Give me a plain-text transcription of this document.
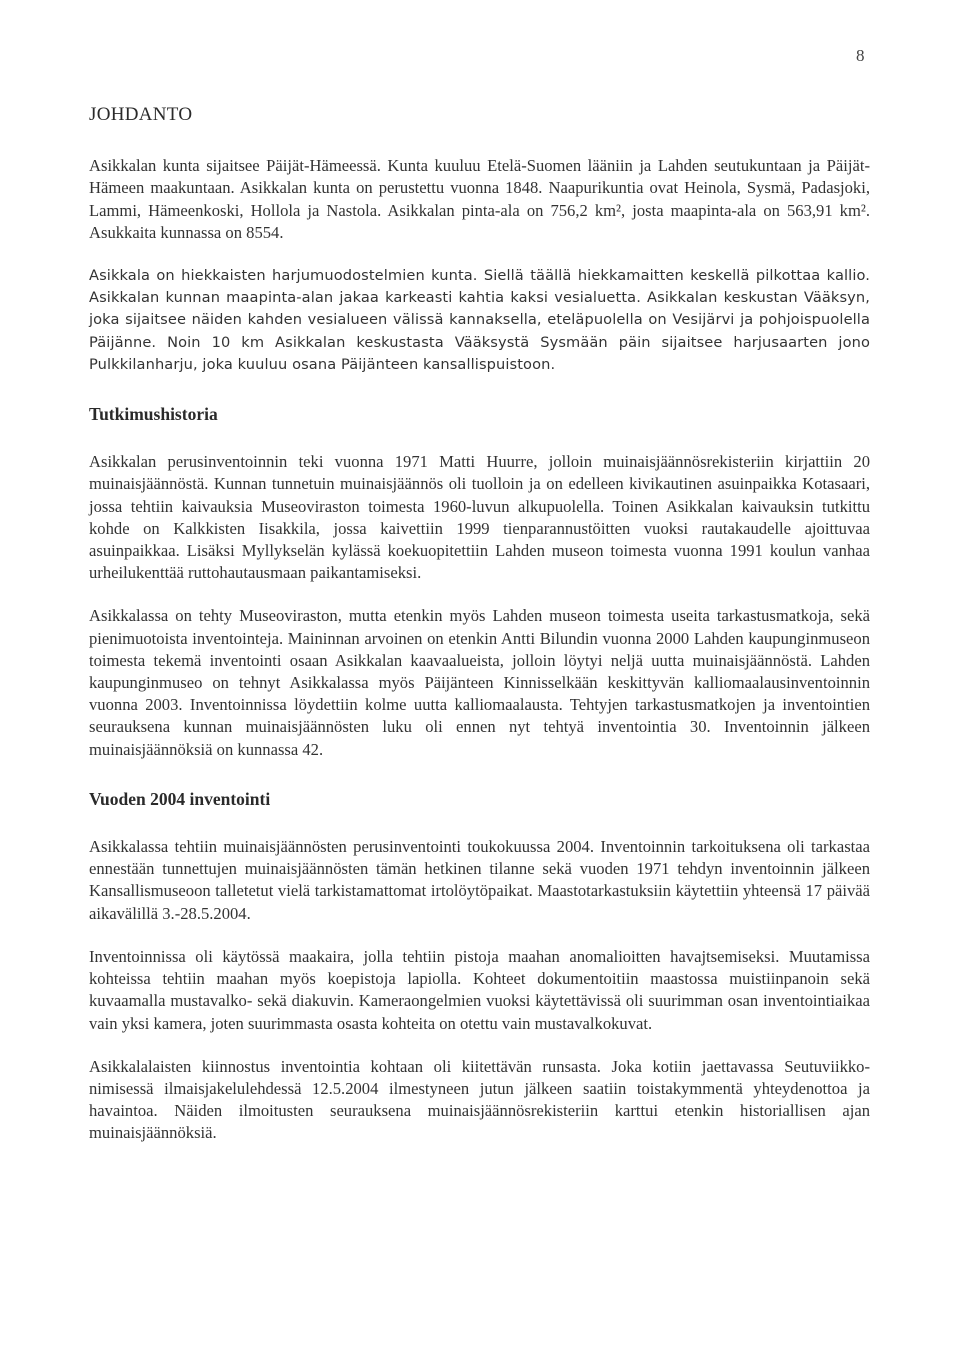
8
JOHDANTO

Asikkalan kunta sijaitsee Päijät-Hämeessä. Kunta kuuluu Etelä-Suomen lääniin ja Lahden seutukuntaan ja Päijät-Hämeen maakuntaan. Asikkalan kunta on perustettu vuonna 1848. Naapurikuntia ovat Heinola, Sysmä, Padasjoki, Lammi, Hämeenkoski, Hollola ja Nastola. Asikkalan pinta-ala on 756,2 km², josta maapinta-ala on 563,91 km². Asukkaita kunnassa on 8554.

Asikkala on hiekkaisten harjumuodostelmien kunta. Siellä täällä hiekkamaitten keskellä pilkottaa kallio. Asikkalan kunnan maapinta-alan jakaa karkeasti kahtia kaksi vesialuetta. Asikkalan keskustan Vääksyn, joka sijaitsee näiden kahden vesialueen välissä kannaksella, eteläpuolella on Vesijärvi ja pohjoispuolella Päijänne. Noin 10 km Asikkalan keskustasta Vääksystä Sysmään päin sijaitsee harjusaarten jono Pulkkilanharju, joka kuuluu osana Päijänteen kansallispuistoon.

Tutkimushistoria

Asikkalan perusinventoinnin teki vuonna 1971 Matti Huurre, jolloin muinaisjäännösrekisteriin kirjattiin 20 muinaisjäännöstä. Kunnan tunnetuin muinaisjäännös oli tuolloin ja on edelleen kivikautinen asuinpaikka Kotasaari, jossa tehtiin kaivauksia Museoviraston toimesta 1960-luvun alkupuolella. Toinen Asikkalan kaivauksin tutkittu kohde on Kalkkisten Iisakkila, jossa kaivettiin 1999 tienparannustöitten vuoksi rautakaudelle ajoittuvaa asuinpaikkaa. Lisäksi Myllykselän kylässä koekuopitettiin Lahden museon toimesta vuonna 1991 koulun vanhaa urheilukenttää ruttohautausmaan paikantamiseksi.

Asikkalassa on tehty Museoviraston, mutta etenkin myös Lahden museon toimesta useita tarkastusmatkoja, sekä pienimuotoista inventointeja. Maininnan arvoinen on etenkin Antti Bilundin vuonna 2000 Lahden kaupunginmuseon toimesta tekemä inventointi osaan Asikkalan kaavaalueista, jolloin löytyi neljä uutta muinaisjäännöstä. Lahden kaupunginmuseo on tehnyt Asikkalassa myös Päijänteen Kinnisselkään keskittyvän kalliomaalausinventoinnin vuonna 2003. Inventoinnissa löydettiin kolme uutta kalliomaalausta. Tehtyjen tarkastusmatkojen ja inventointien seurauksena kunnan muinaisjäännösten luku oli ennen nyt tehtyä inventointia 30. Inventoinnin jälkeen muinaisjäännöksiä on kunnassa 42.

Vuoden 2004 inventointi

Asikkalassa tehtiin muinaisjäännösten perusinventointi toukokuussa 2004. Inventoinnin tarkoituksena oli tarkastaa ennestään tunnettujen muinaisjäännösten tämän hetkinen tilanne sekä vuoden 1971 tehdyn inventoinnin jälkeen Kansallismuseoon talletetut vielä tarkistamattomat irtolöytöpaikat. Maastotarkastuksiin käytettiin yhteensä 17 päivää aikavälillä 3.-28.5.2004.

Inventoinnissa oli käytössä maakaira, jolla tehtiin pistoja maahan anomalioitten havajtsemiseksi. Muutamissa kohteissa tehtiin maahan myös koepistoja lapiolla. Kohteet dokumentoitiin maastossa muistiinpanoin sekä kuvaamalla mustavalko- sekä diakuvin. Kameraongelmien vuoksi käytettävissä oli suurimman osan inventointiaikaa vain yksi kamera, joten suurimmasta osasta kohteita on otettu vain mustavalkokuvat.

Asikkalalaisten kiinnostus inventointia kohtaan oli kiitettävän runsasta. Joka kotiin jaettavassa Seutuviikko-nimisessä ilmaisjakelulehdessä 12.5.2004 ilmestyneen jutun jälkeen saatiin toistakymmentä yhteydenottoa ja havaintoa. Näiden ilmoitusten seurauksena muinaisjäännösrekisteriin karttui etenkin historiallisen ajan muinaisjäännöksiä.
